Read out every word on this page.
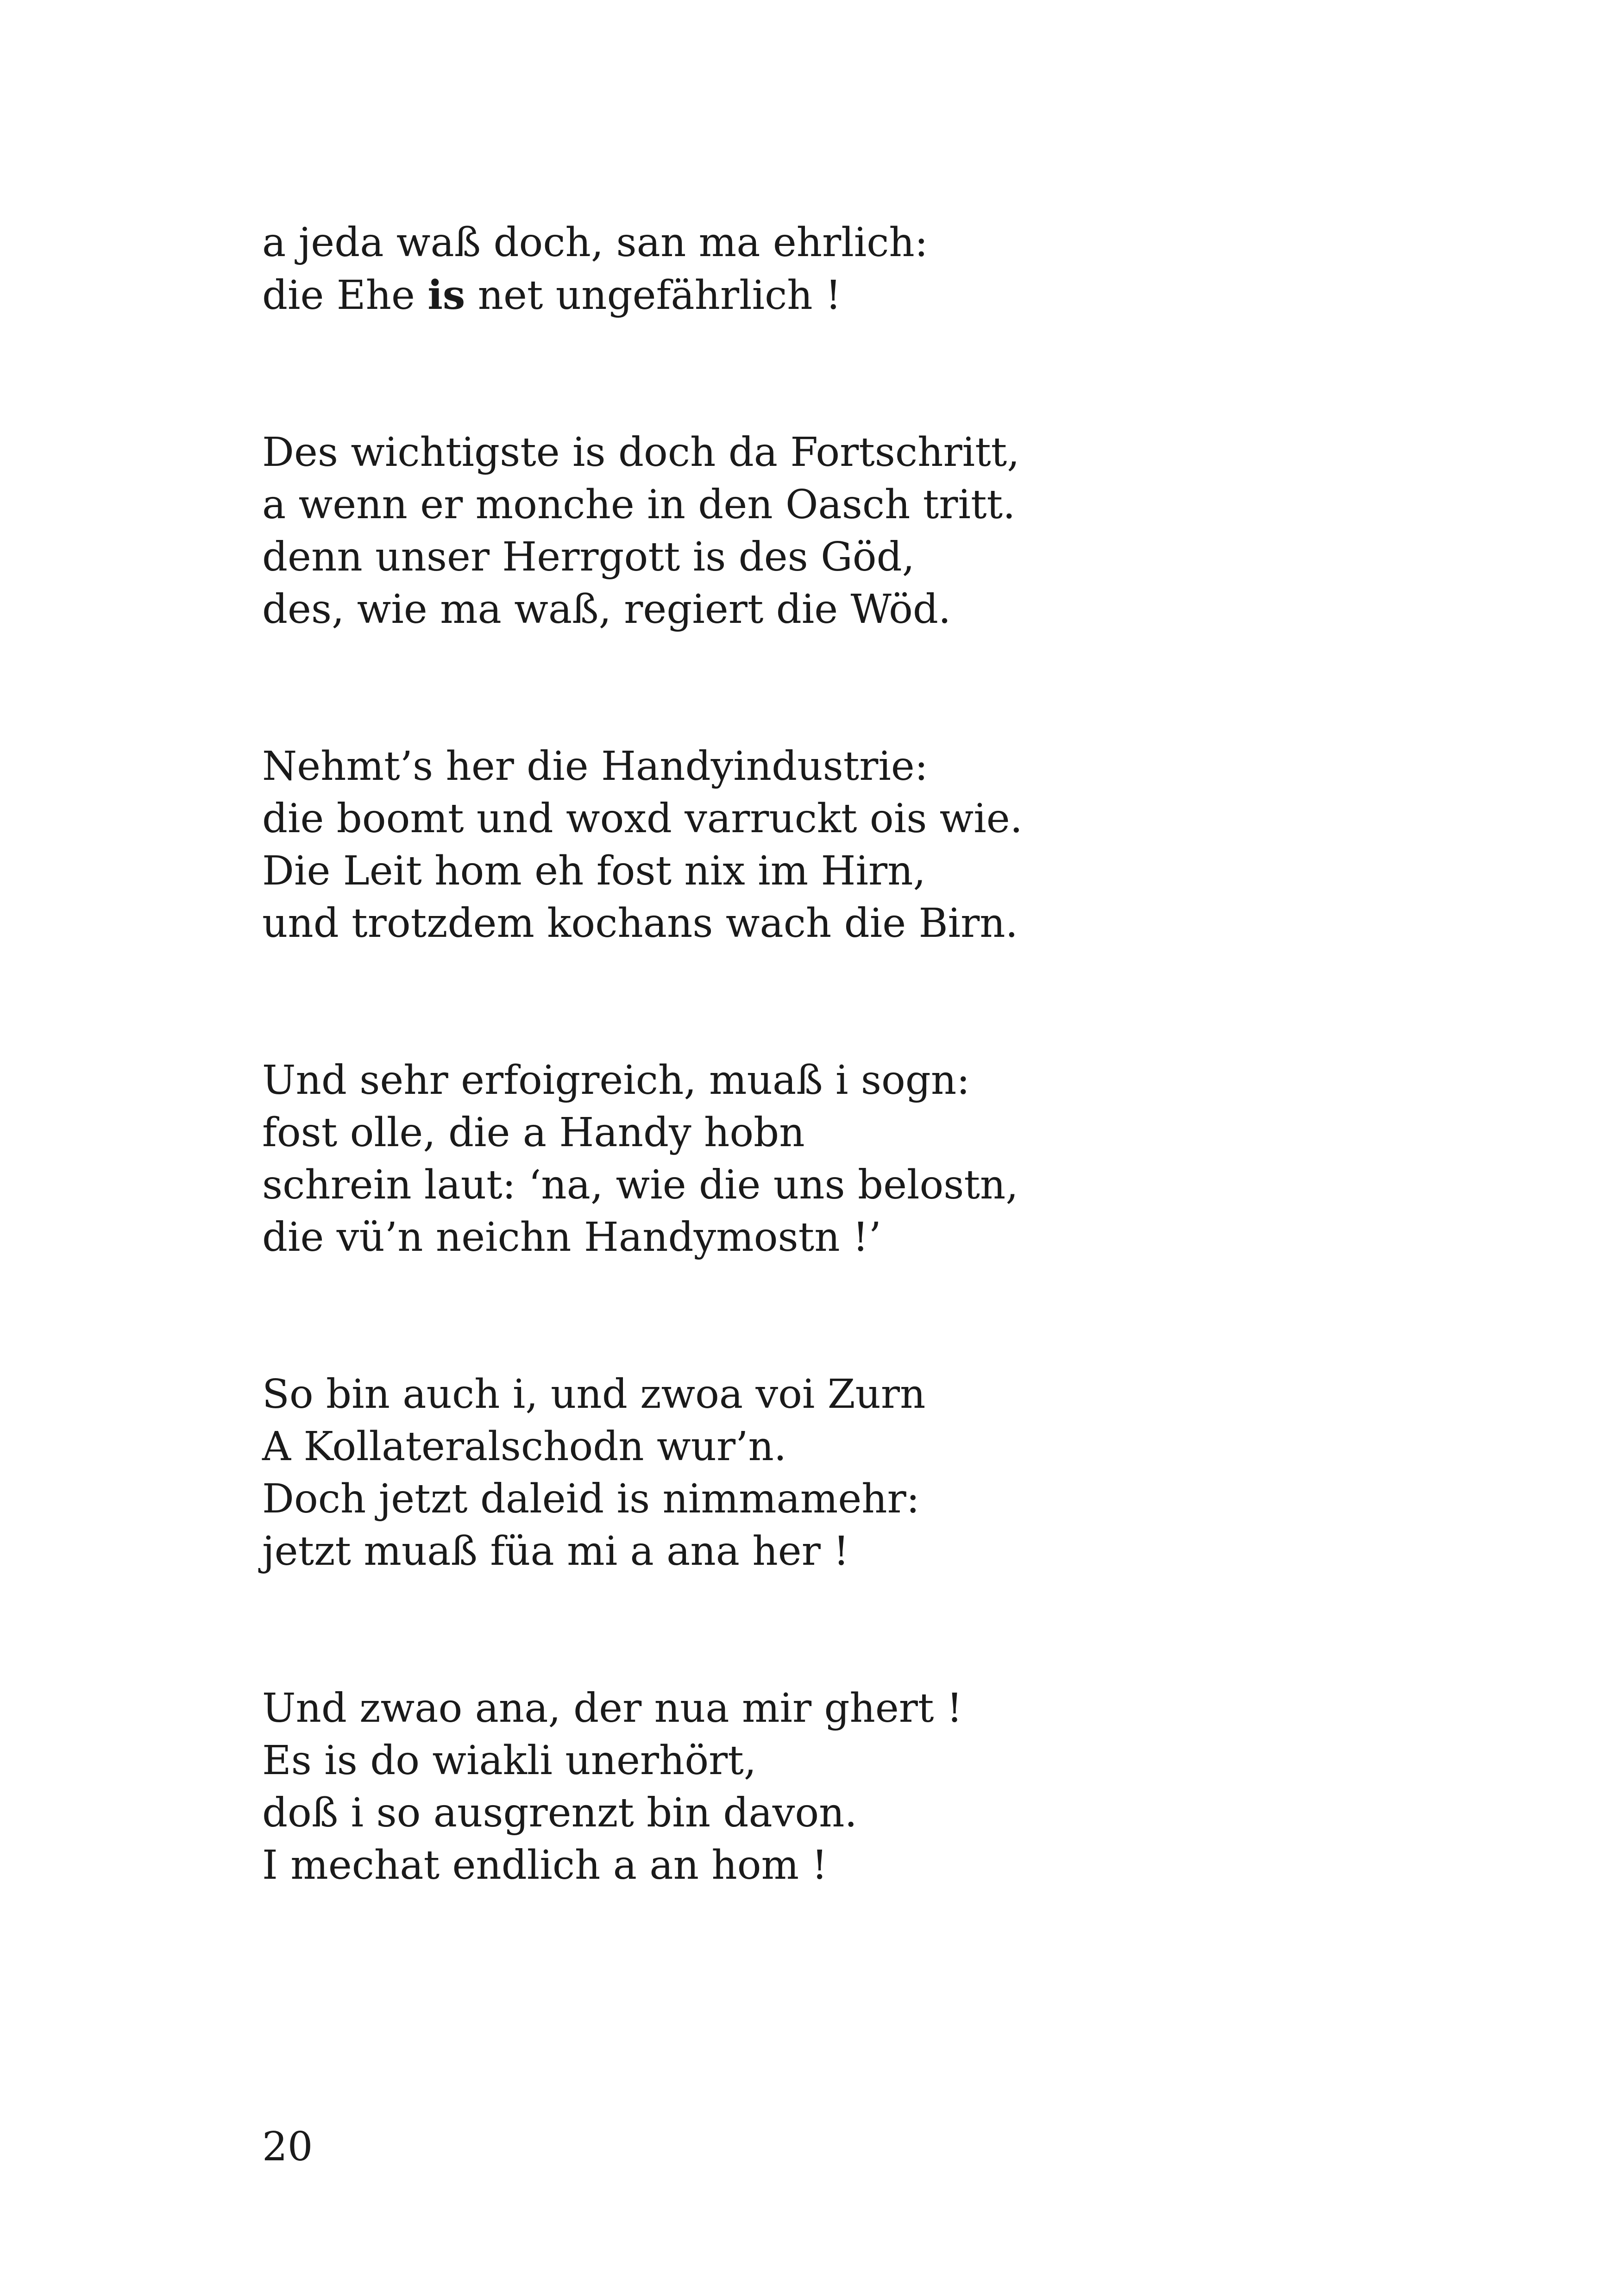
a jeda waß doch, san ma ehrlich:
die Ehe is net ungefährlich !
Des wichtigste is doch da Fortschritt,
a wenn er monche in den Oasch tritt.
denn unser Herrgott is des Göd,
des, wie ma waß, regiert die Wöd.
Nehmt’s her die Handyindustrie:
die boomt und woxd varruckt ois wie.
Die Leit hom eh fost nix im Hirn,
und trotzdem kochans wach die Birn.
Und sehr erfoigreich, muaß i sogn:
fost olle, die a Handy hobn
schrein laut: ‘na, wie die uns belostn,
die vü’n neichn Handymostn !’
So bin auch i, und zwoa voi Zurn
A Kollateralschodn wur’n.
Doch jetzt daleid is nimmamehr:
jetzt muaß füa mi a ana her !
Und zwao ana, der nua mir ghert !
Es is do wiakli unerhört,
doß i so ausgrenzt bin davon.
I mechat endlich a an hom !
20
